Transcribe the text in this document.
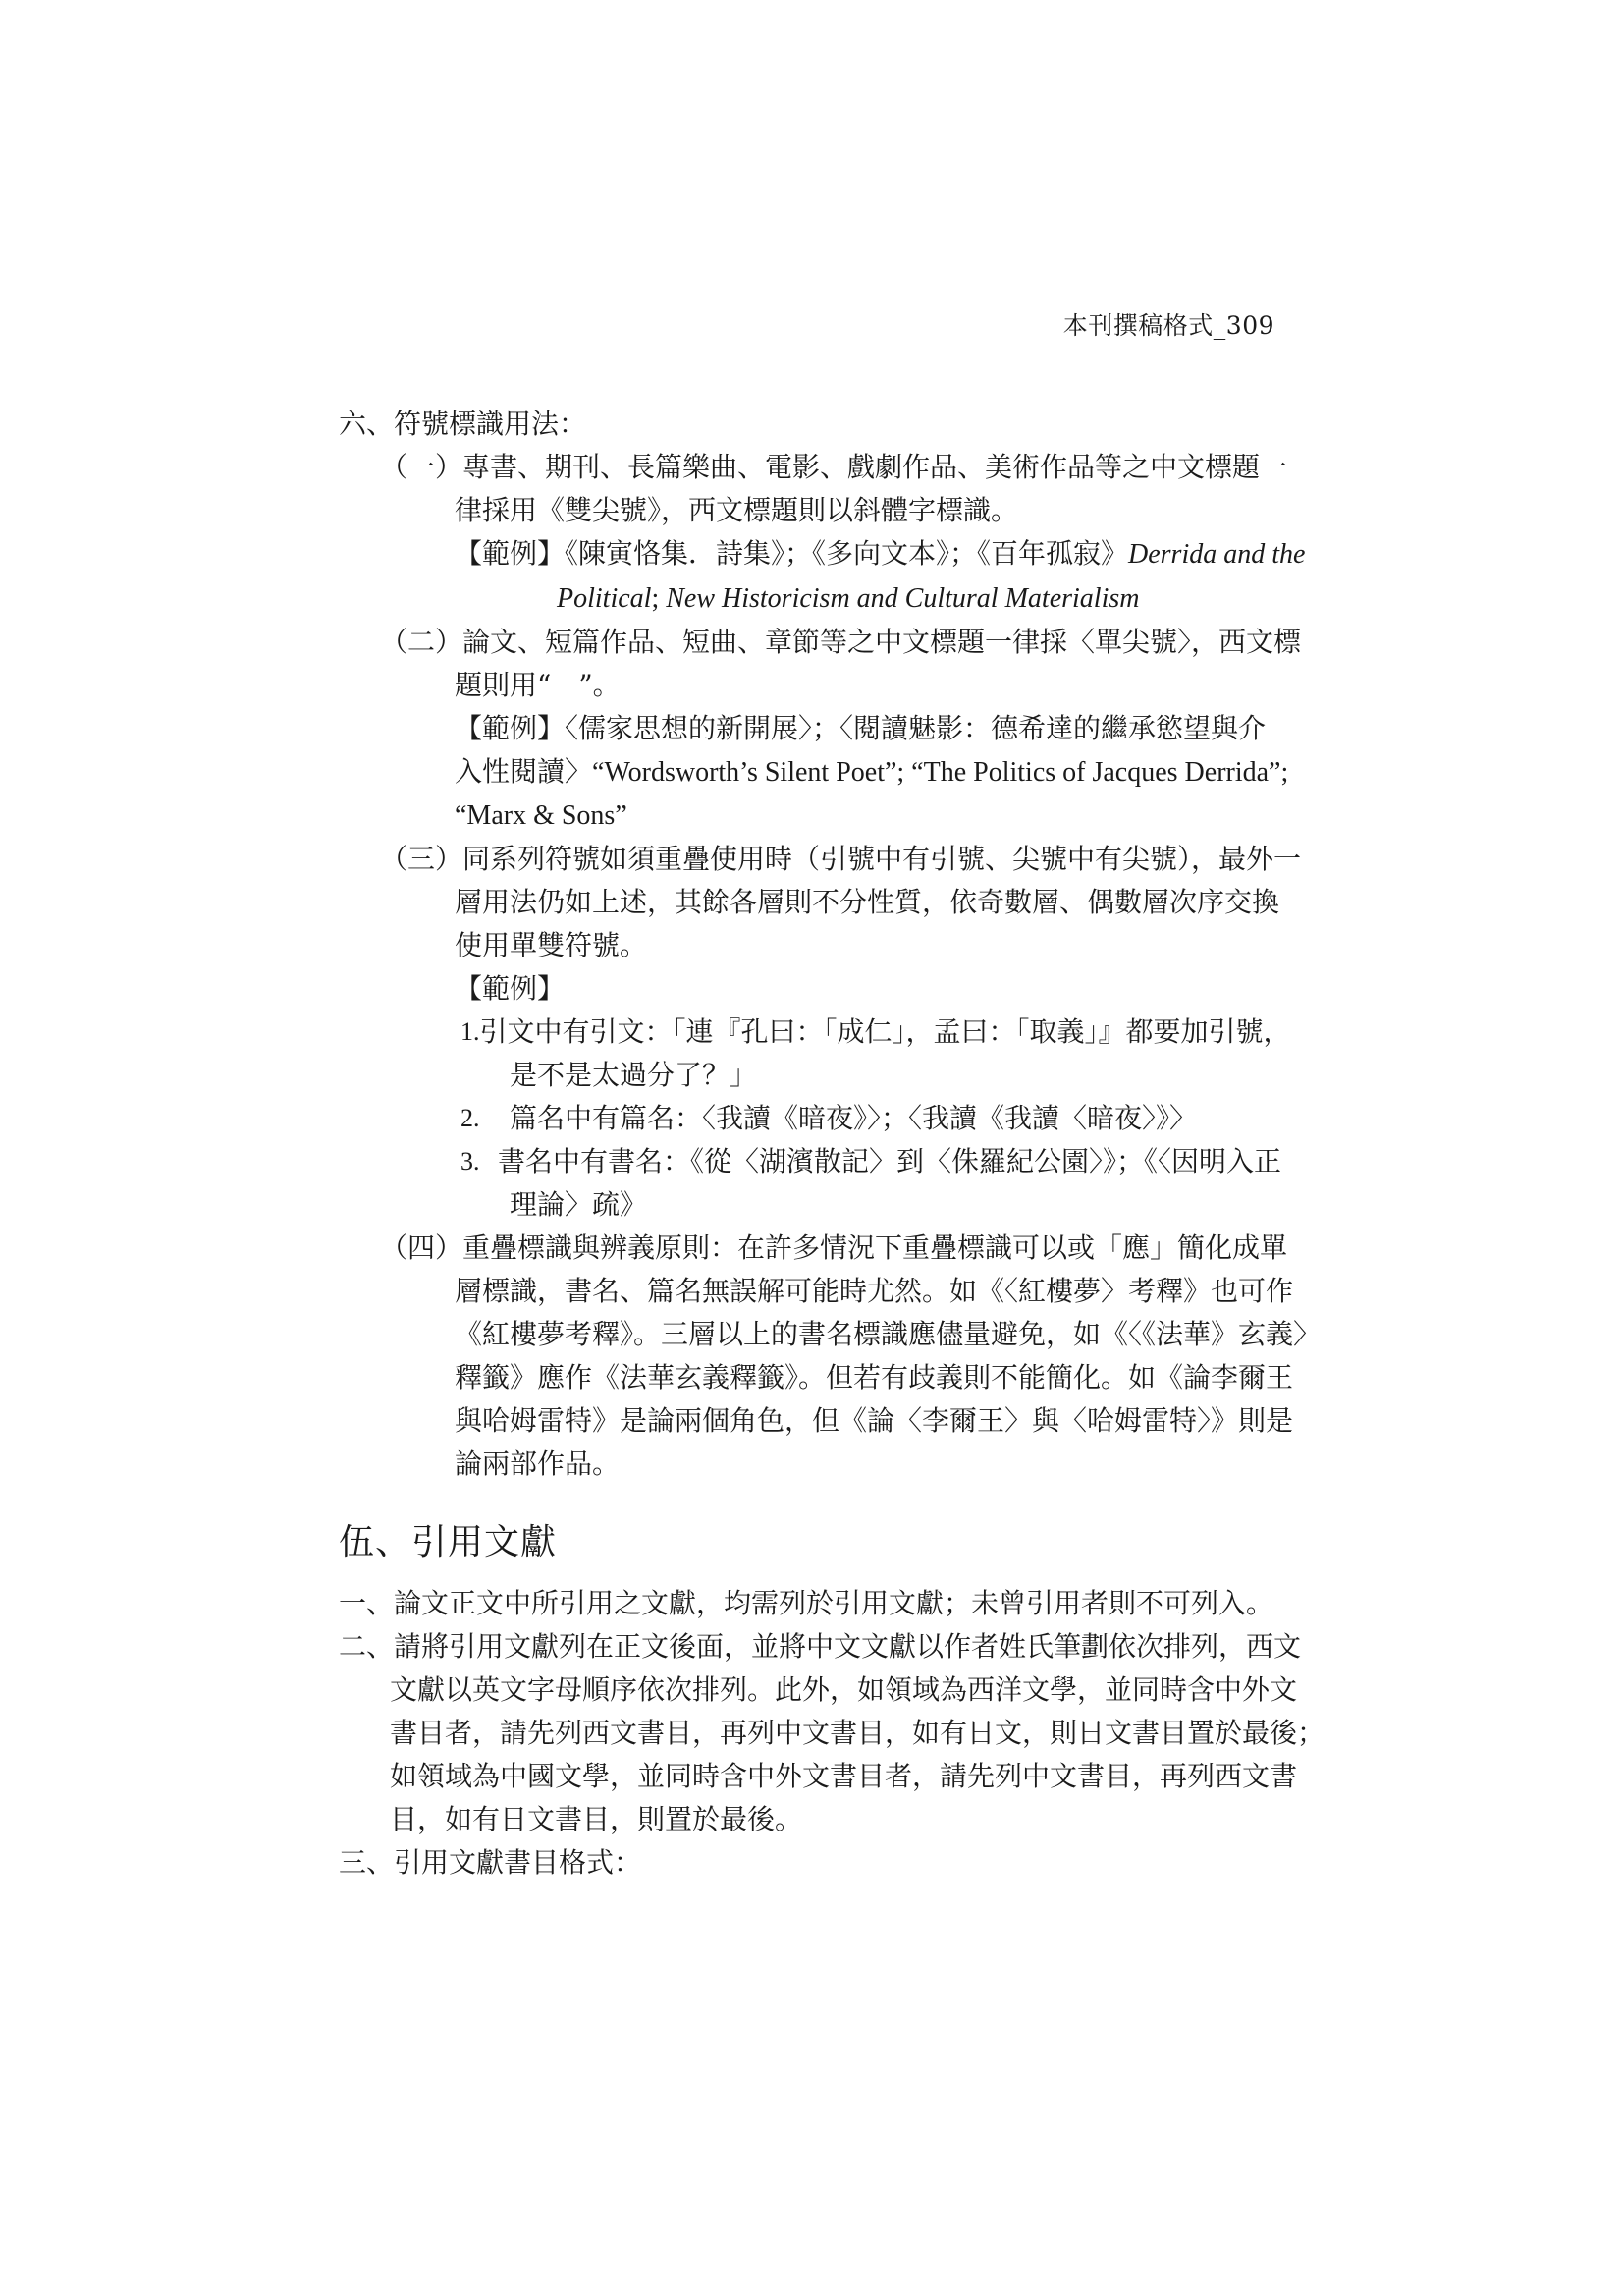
本刊撰稿格式_309
六、符號標識用法：
（一）專書、期刊、長篇樂曲、電影、戲劇作品、美術作品等之中文標題一
律採用《雙尖號》，西文標題則以斜體字標識。
【範例】《陳寅恪集．詩集》；《多向文本》；《百年孤寂》Derrida and the
Political; New Historicism and Cultural Materialism
（二）論文、短篇作品、短曲、章節等之中文標題一律採〈單尖號〉，西文標
題則用“　”。
【範例】〈儒家思想的新開展〉；〈閱讀魅影：德希達的繼承慾望與介
入性閱讀〉“Wordsworth’s Silent Poet”; “The Politics of Jacques Derrida”;
“Marx & Sons”
（三）同系列符號如須重疊使用時（引號中有引號、尖號中有尖號），最外一
層用法仍如上述，其餘各層則不分性質，依奇數層、偶數層次序交換
使用單雙符號。
【範例】
1. 引文中有引文：「連『孔曰：「成仁」，孟曰：「取義」』都要加引號，
是不是太過分了？」
2.	篇名中有篇名：〈我讀《暗夜》〉；〈我讀《我讀〈暗夜〉》〉
3. 書名中有書名：《從〈湖濱散記〉到〈侏羅紀公園〉》；《〈因明入正
理論〉疏》
（四）重疊標識與辨義原則：在許多情況下重疊標識可以或「應」簡化成單
層標識，書名、篇名無誤解可能時尤然。如《〈紅樓夢〉考釋》也可作
《紅樓夢考釋》。三層以上的書名標識應儘量避免，如《〈《法華》玄義〉
釋籤》應作《法華玄義釋籤》。但若有歧義則不能簡化。如《論李爾王
與哈姆雷特》是論兩個角色，但《論〈李爾王〉與〈哈姆雷特〉》則是
論兩部作品。
伍、引用文獻
一、論文正文中所引用之文獻，均需列於引用文獻；未曾引用者則不可列入。
二、請將引用文獻列在正文後面，並將中文文獻以作者姓氏筆劃依次排列，西文
文獻以英文字母順序依次排列。此外，如領域為西洋文學，並同時含中外文
書目者，請先列西文書目，再列中文書目，如有日文，則日文書目置於最後；
如領域為中國文學，並同時含中外文書目者，請先列中文書目，再列西文書
目，如有日文書目，則置於最後。
三、引用文獻書目格式：
